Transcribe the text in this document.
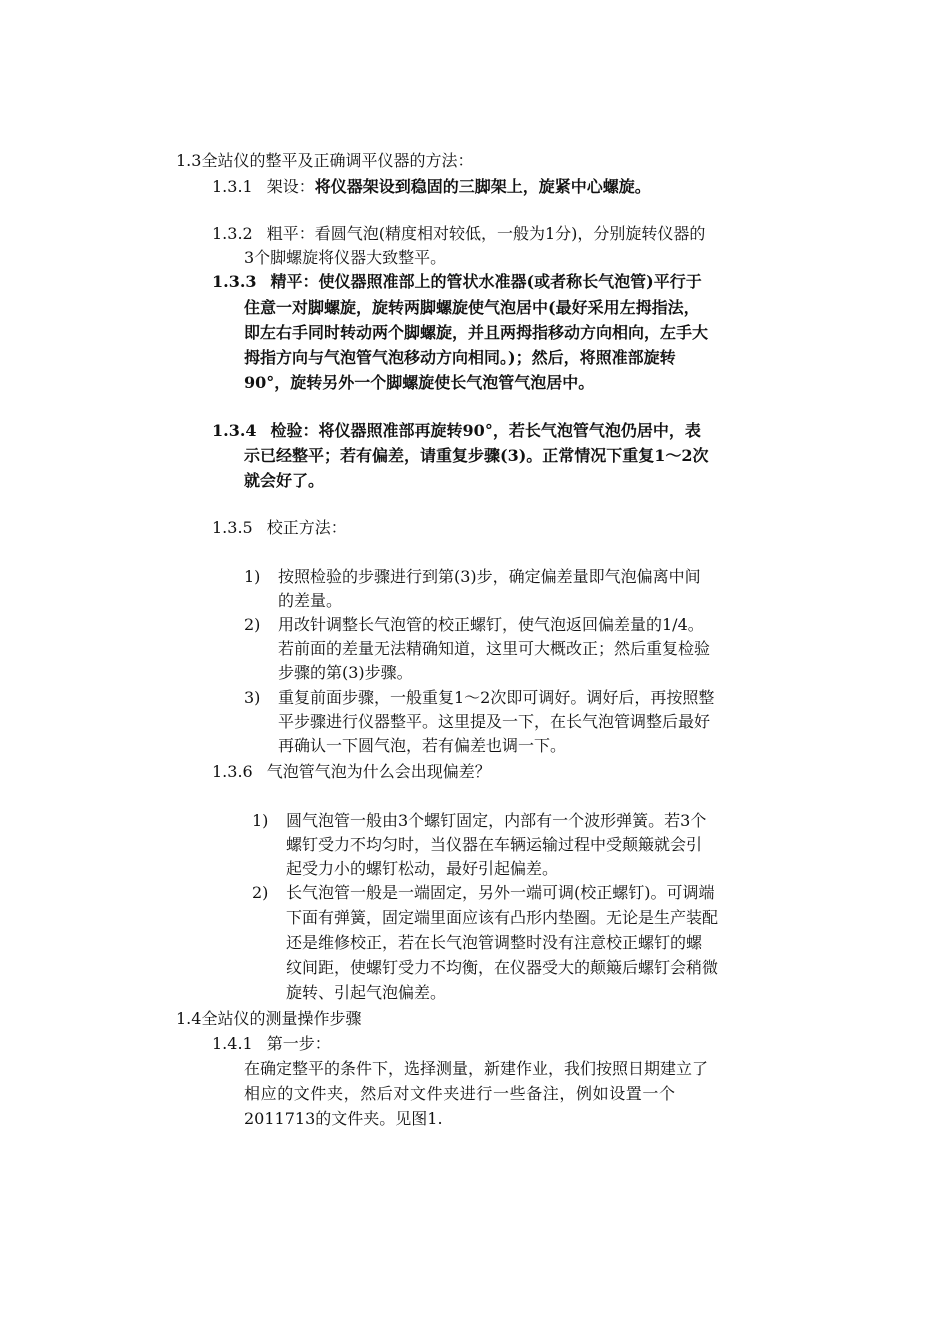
1.3全站仪的整平及正确调平仪器的方法：
1.3.1 架设：将仪器架设到稳固的三脚架上，旋紧中心螺旋。
1.3.2 粗平：看圆气泡(精度相对较低，一般为1分)，分别旋转仪器的
3个脚螺旋将仪器大致整平。
1.3.3 精平：使仪器照准部上的管状水准器(或者称长气泡管)平行于
住意一对脚螺旋，旋转两脚螺旋使气泡居中(最好采用左拇指法，
即左右手同时转动两个脚螺旋，并且两拇指移动方向相向，左手大
拇指方向与气泡管气泡移动方向相同。)；然后，将照准部旋转
90°，旋转另外一个脚螺旋使长气泡管气泡居中。
1.3.4 检验：将仪器照准部再旋转90°，若长气泡管气泡仍居中，表
示已经整平；若有偏差，请重复步骤(3)。正常情况下重复1～2次
就会好了。
1.3.5 校正方法：
1) 按照检验的步骤进行到第(3)步，确定偏差量即气泡偏离中间
的差量。
2) 用改针调整长气泡管的校正螺钉，使气泡返回偏差量的1/4。
若前面的差量无法精确知道，这里可大概改正；然后重复检验
步骤的第(3)步骤。
3) 重复前面步骤，一般重复1～2次即可调好。调好后，再按照整
平步骤进行仪器整平。这里提及一下，在长气泡管调整后最好
再确认一下圆气泡，若有偏差也调一下。
1.3.6 气泡管气泡为什么会出现偏差？
1) 圆气泡管一般由3个螺钉固定，内部有一个波形弹簧。若3个
螺钉受力不均匀时，当仪器在车辆运输过程中受颠簸就会引
起受力小的螺钉松动，最好引起偏差。
2) 长气泡管一般是一端固定，另外一端可调(校正螺钉)。可调端
下面有弹簧，固定端里面应该有凸形内垫圈。无论是生产装配
还是维修校正，若在长气泡管调整时没有注意校正螺钉的螺
纹间距，使螺钉受力不均衡，在仪器受大的颠簸后螺钉会稍微
旋转、引起气泡偏差。
1.4全站仪的测量操作步骤
1.4.1 第一步：
在确定整平的条件下，选择测量，新建作业，我们按照日期建立了
相应的文件夹，然后对文件夹进行一些备注，例如设置一个
2011713的文件夹。见图1.
